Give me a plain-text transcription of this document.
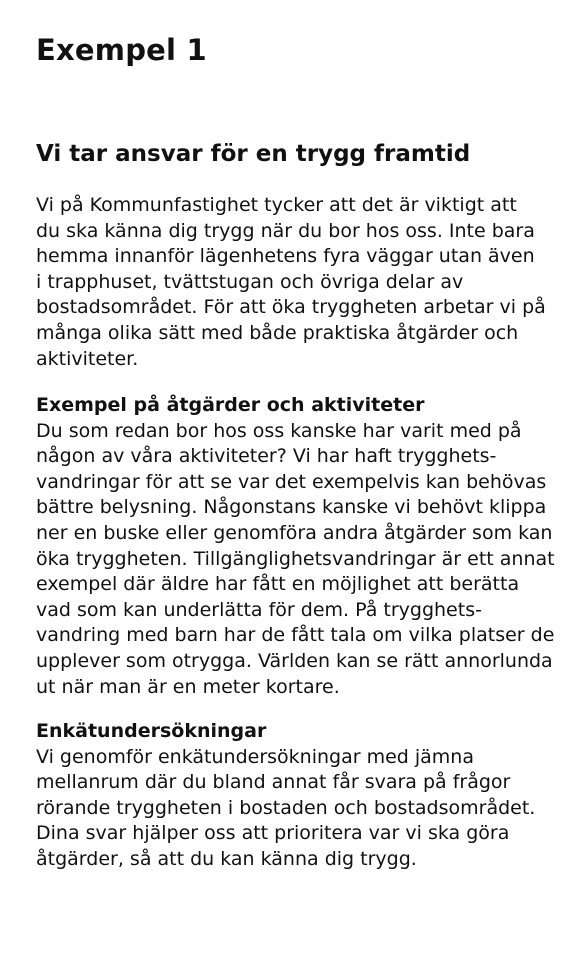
Exempel 1
Vi tar ansvar för en trygg framtid
Vi på Kommunfastighet tycker att det är viktigt att
du ska känna dig trygg när du bor hos oss. Inte bara
hemma innanför lägenhetens fyra väggar utan även
i trapphuset, tvättstugan och övriga delar av
bostadsområdet. För att öka tryggheten arbetar vi på
många olika sätt med både praktiska åtgärder och
aktiviteter.
Exempel på åtgärder och aktiviteter
Du som redan bor hos oss kanske har varit med på
någon av våra aktiviteter? Vi har haft trygghets-
vandringar för att se var det exempelvis kan behövas
bättre belysning. Någonstans kanske vi behövt klippa
ner en buske eller genomföra andra åtgärder som kan
öka tryggheten. Tillgänglighetsvandringar är ett annat
exempel där äldre har fått en möjlighet att berätta
vad som kan underlätta för dem. På trygghets-
vandring med barn har de fått tala om vilka platser de
upplever som otrygga. Världen kan se rätt annorlunda
ut när man är en meter kortare.
Enkätundersökningar
Vi genomför enkätundersökningar med jämna
mellanrum där du bland annat får svara på frågor
rörande tryggheten i bostaden och bostadsområdet.
Dina svar hjälper oss att prioritera var vi ska göra
åtgärder, så att du kan känna dig trygg.
